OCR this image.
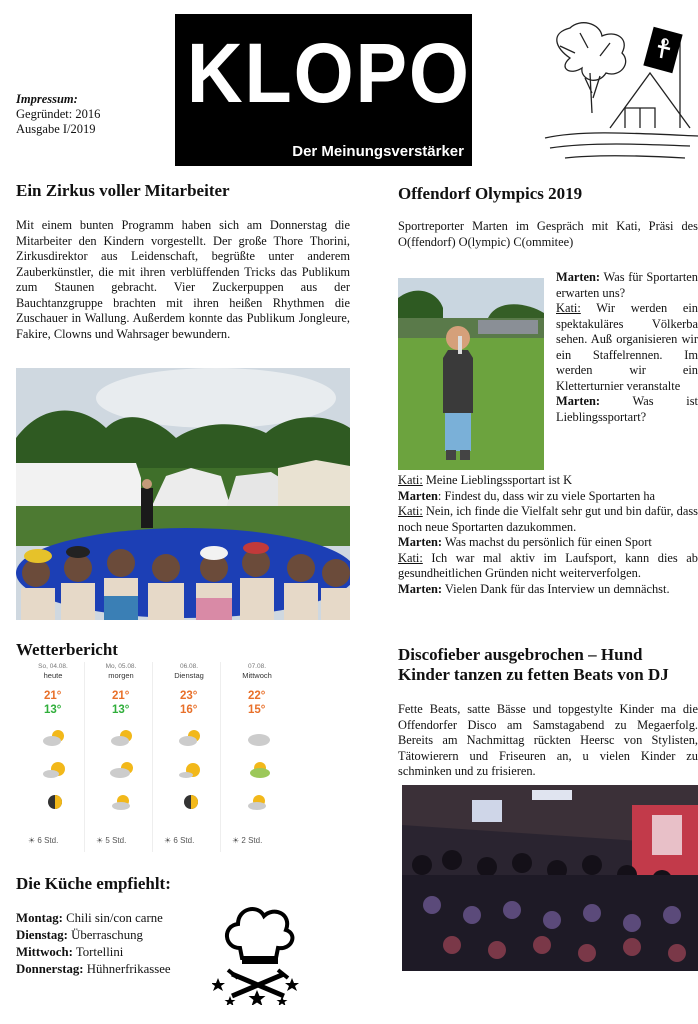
Impressum:
Gegründet: 2016
Ausgabe I/2019
KLOPO
Der Meinungsverstärker
Ein Zirkus voller Mitarbeiter

Mit einem bunten Programm haben sich am Donnerstag die Mitarbeiter den Kindern vorgestellt. Der große Thore Thorini, Zirkusdirektor aus Leidenschaft, begrüßte unter anderem Zauberkünstler, die mit ihren verblüffenden Tricks das Publikum zum Staunen gebracht. Vier Zuckerpuppen aus der Bauchtanzgruppe brachten mit ihren heißen Rhythmen die Zuschauer in Wallung. Außerdem konnte das Publikum Jongleure, Fakire, Clowns und Wahrsager bewundern.

Wetterbericht
So, 04.08.
heute
21°
13°
☀ 6 Std.
Mo, 05.08.
morgen
21°
13°
☀ 5 Std.
06.08.
Dienstag
23°
16°
☀ 6 Std.
07.08.
Mittwoch
22°
15°
☀ 2 Std.
Die Küche empfiehlt:
Montag: Chili sin/con carne
Dienstag: Überraschung
Mittwoch: Tortellini
Donnerstag: Hühnerfrikassee
Offendorf Olympics 2019

Sportreporter Marten im Gespräch mit Kati, Präsi des O(ffendorf) O(lympic) C(ommitee)

Marten: Was für Sportarten erwarten uns?

Kati: Wir werden ein spektakuläres Völkerba sehen. Auß organisieren wir ein Staffelrennen. Im werden wir ein Kletterturnier veranstalte

Marten: Was ist Lieblingssportart?

Kati: Meine Lieblingssportart ist K

Marten: Findest du, dass wir zu viele Sportarten ha

Kati: Nein, ich finde die Vielfalt sehr gut und bin dafür, dass noch neue Sportarten dazukommen.

Marten: Was machst du persönlich für einen Sport

Kati: Ich war mal aktiv im Laufsport, kann dies ab gesundheitlichen Gründen nicht weiterverfolgen.

Marten: Vielen Dank für das Interview un demnächst.

Discofieber ausgebrochen – Hund
Kinder tanzen zu fetten Beats von DJ

Fette Beats, satte Bässe und topgestylte Kinder ma die Offendorfer Disco am Samstagabend zu Megaerfolg. Bereits am Nachmittag rückten Heersc von Stylisten, Tätowierern und Friseuren an, u vielen Kinder zu schminken und zu frisieren.
